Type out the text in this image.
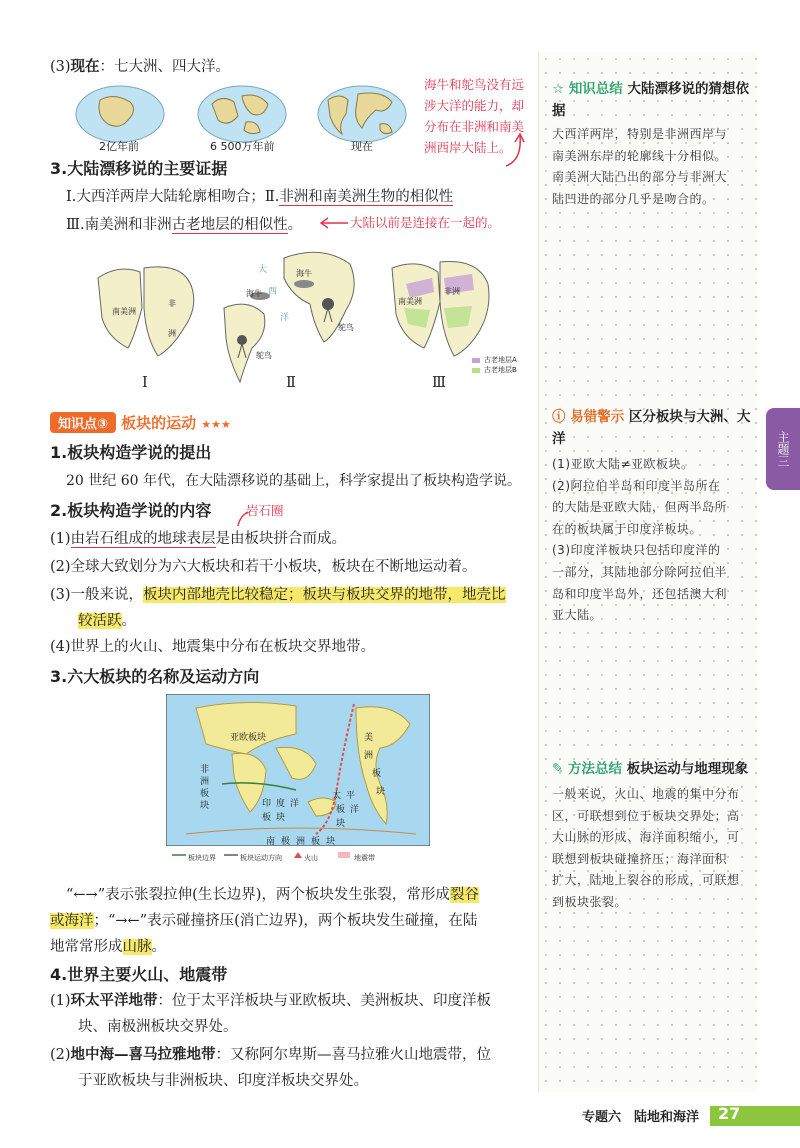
(3)现在：七大洲、四大洋。
2亿年前	6 500万年前	现在
海牛和鸵鸟没有远
涉大洋的能力，却
分布在非洲和南美
洲西岸大陆上。
3.大陆漂移说的主要证据
Ⅰ.大西洋两岸大陆轮廓相吻合；Ⅱ.非洲和南美洲生物的相似性
Ⅲ.南美洲和非洲古老地层的相似性。	大陆以前是连接在一起的。
南美洲
非
洲
大
西
洋
海牛
海牛
鸵鸟
鸵鸟
南美洲
非洲
古老地层A
古老地层B
Ⅰ	Ⅱ	Ⅲ
知识点③ 板块的运动 ★★★
1.板块构造学说的提出
20 世纪 60 年代，在大陆漂移说的基础上，科学家提出了板块构造学说。
2.板块构造学说的内容	岩石圈
(1)由岩石组成的地球表层是由板块拼合而成。
(2)全球大致划分为六大板块和若干小板块，板块在不断地运动着。
(3)一般来说，板块内部地壳比较稳定；板块与板块交界的地带，地壳比
较活跃。
(4)世界上的火山、地震集中分布在板块交界地带。
3.六大板块的名称及运动方向
亚欧板块	美
洲
板
块
非
洲
板
块	印 度 洋
板 块
太 平
洋
板
块
南极洲板块
板块边界	板块运动方向	火山	地震带
“←→”表示张裂拉伸(生长边界)，两个板块发生张裂，常形成裂谷
或海洋；“→←”表示碰撞挤压(消亡边界)，两个板块发生碰撞，在陆
地常常形成山脉。
4.世界主要火山、地震带
(1)环太平洋地带：位于太平洋板块与亚欧板块、美洲板块、印度洋板
块、南极洲板块交界处。
(2)地中海—喜马拉雅地带：又称阿尔卑斯—喜马拉雅火山地震带，位
于亚欧板块与非洲板块、印度洋板块交界处。
☆ 知识总结 大陆漂移说的猜想依据
大西洋两岸，特别是非洲西岸与
南美洲东岸的轮廓线十分相似。
南美洲大陆凸出的部分与非洲大
陆凹进的部分几乎是吻合的。
ⓘ 易错警示 区分板块与大洲、大洋
(1)亚欧大陆≠亚欧板块。
(2)阿拉伯半岛和印度半岛所在
的大陆是亚欧大陆，但两半岛所
在的板块属于印度洋板块。
(3)印度洋板块只包括印度洋的
一部分，其陆地部分除阿拉伯半
岛和印度半岛外，还包括澳大利
亚大陆。
✎ 方法总结 板块运动与地理现象
一般来说，火山、地震的集中分布
区，可联想到位于板块交界处；高
大山脉的形成、海洋面积缩小，可
联想到板块碰撞挤压；海洋面积
扩大，陆地上裂谷的形成，可联想
到板块张裂。
主题三
专题六　陆地和海洋 27
